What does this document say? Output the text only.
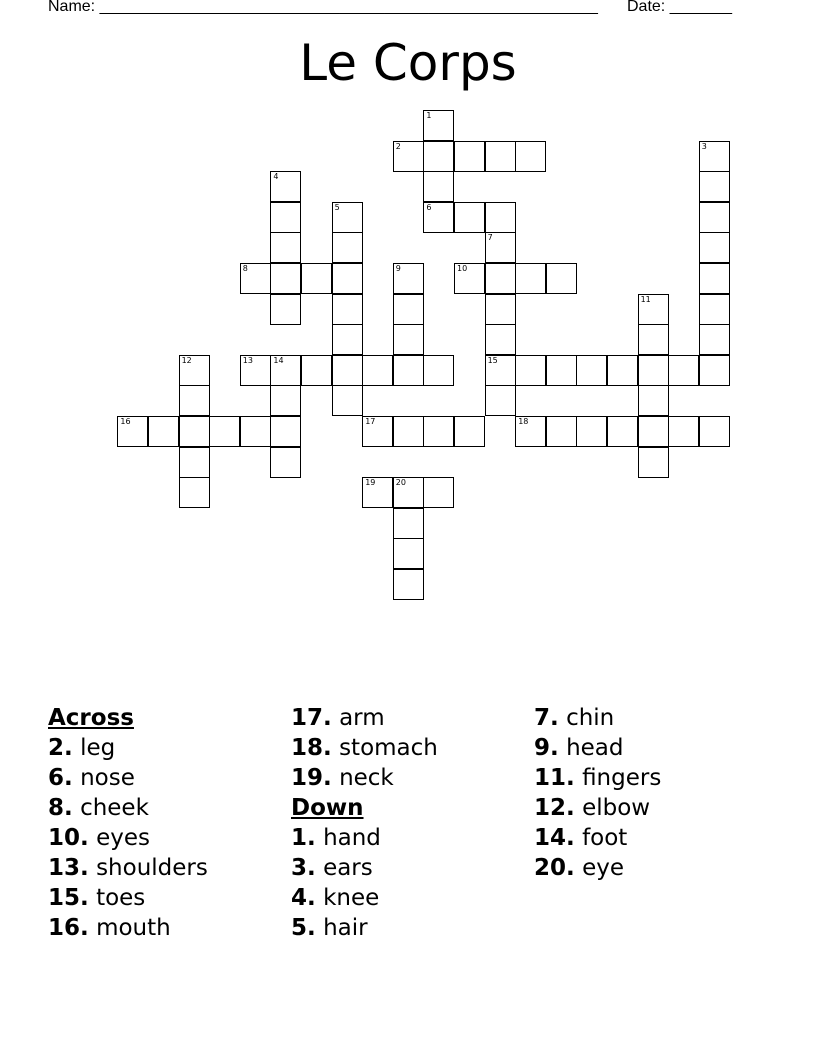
Name: ________________________________________________________ Date: _______
Le Corps
1
2	3
4
5	6
7
8	9	10
11
12	13	14	15
16	17	18
19	20
Across
2. leg
6. nose
8. cheek
10. eyes
13. shoulders
15. toes
16. mouth
17. arm
18. stomach
19. neck
Down
1. hand
3. ears
4. knee
5. hair
7. chin
9. head
11. fingers
12. elbow
14. foot
20. eye
